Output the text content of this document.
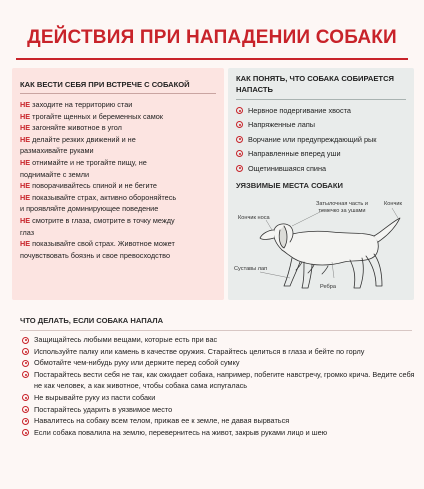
ДЕЙСТВИЯ ПРИ НАПАДЕНИИ СОБАКИ
КАК ВЕСТИ СЕБЯ ПРИ ВСТРЕЧЕ С СОБАКОЙ
НЕ заходите на территорию стаи
НЕ трогайте щенных и беременных самок
НЕ загоняйте животное в угол
НЕ делайте резких движений и не
размахивайте руками
НЕ отнимайте и не трогайте пищу, не
поднимайте с земли
НЕ поворачивайтесь спиной и не бегите
НЕ показывайте страх, активно обороняйтесь
и проявляйте доминирующее поведение
НЕ смотрите в глаза, смотрите в точку между
глаз
НЕ показывайте свой страх. Животное может
почувствовать боязнь и свое превосходство
КАК ПОНЯТЬ, ЧТО СОБАКА СОБИРАЕТСЯ НАПАСТЬ
Нервное подергивание хвоста
Напряженные лапы
Ворчание или предупреждающий рык
Направленные вперед уши
Ощетинившаяся спина
УЯЗВИМЫЕ МЕСТА СОБАКИ
Кончик носа
Затылочная часть и темечко за ушами
Кончик
Суставы лап
Ребра
ЧТО ДЕЛАТЬ, ЕСЛИ СОБАКА НАПАЛА
Защищайтесь любыми вещами, которые есть при вас
Используйте палку или камень в качестве оружия. Старайтесь целиться в глаза и бейте по горлу
Обмотайте чем-нибудь руку или держите перед собой сумку
Постарайтесь вести себя не так, как ожидает собака, например, побегите навстречу, громко крича. Ведите себя не как человек, а как животное, чтобы собака сама испугалась
Не вырывайте руку из пасти собаки
Постарайтесь ударить в уязвимое место
Навалитесь на собаку всем телом, прижав ее к земле, не давая вырваться
Если собака повалила на землю, перевернитесь на живот, закрыв руками лицо и шею
